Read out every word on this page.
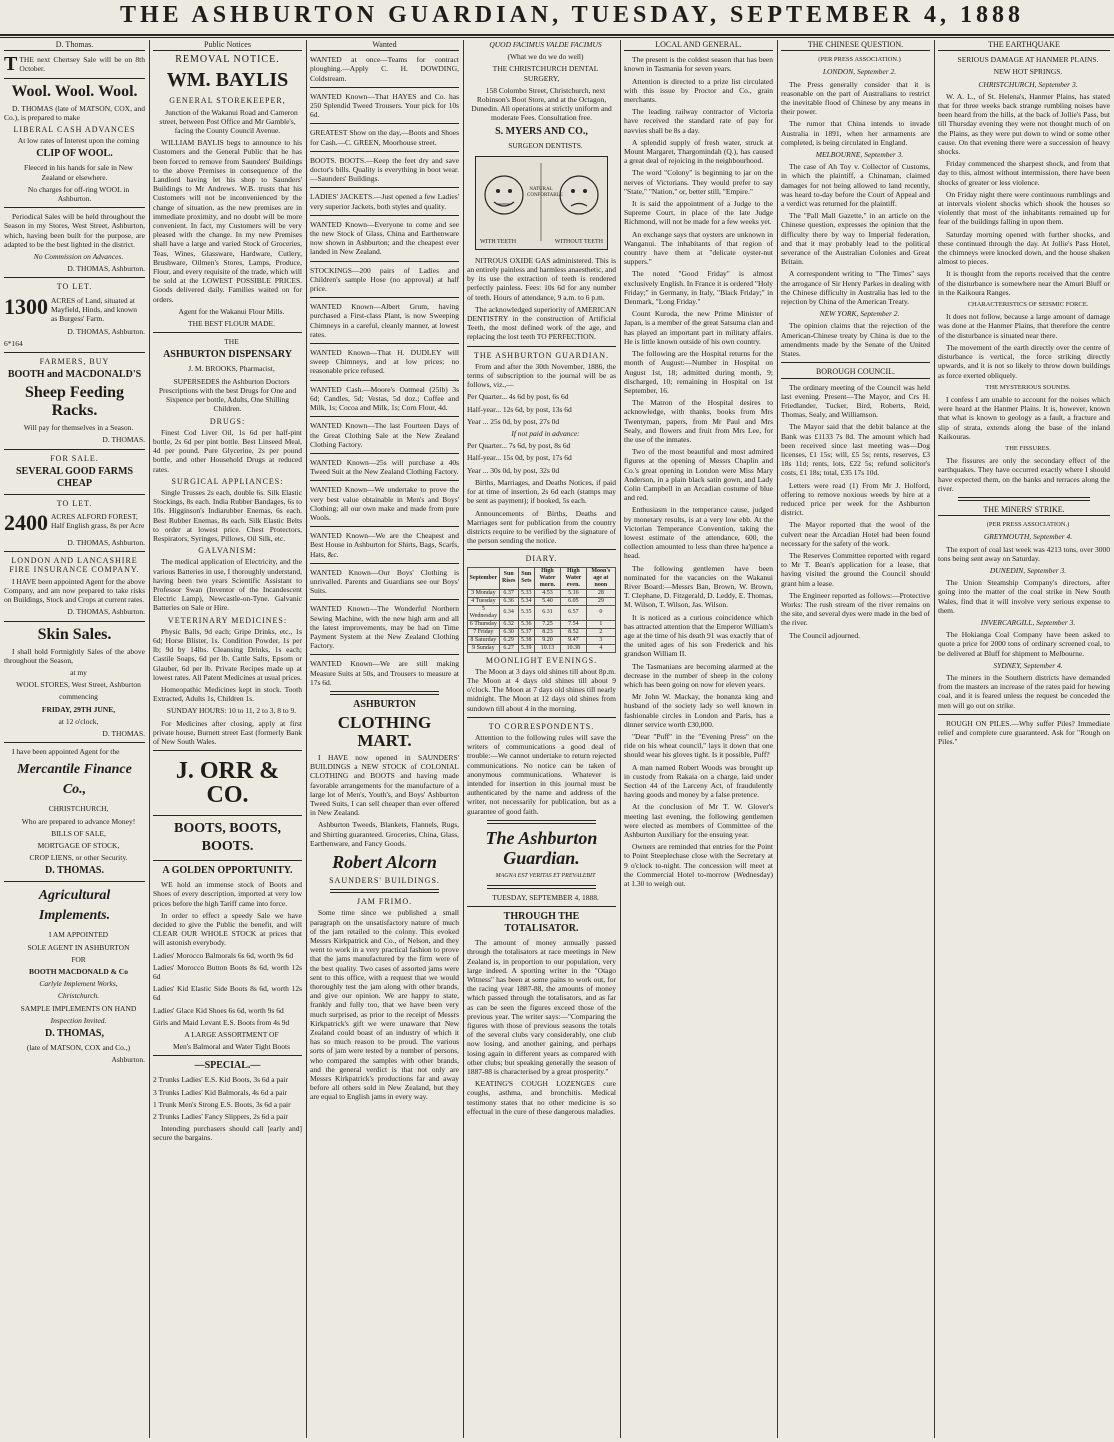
THE ASHBURTON GUARDIAN, TUESDAY, SEPTEMBER 4, 1888
D. Thomas.

TTHE next Chertsey Sale will be on 8th October.

Wool. Wool. Wool.

D. THOMAS (late of MATSON, COX, and Co.), is prepared to make

LIBERAL CASH ADVANCES

At low rates of Interest upon the coming

CLIP OF WOOL.

Fleeced in his hands for sale in New Zealand or elsewhere.

No charges for off-ring WOOL in Ashburton.

Periodical Sales will be held throughout the Season in my Stores, West Street, Ashburton, which, having been built for the purpose, are adapted to be the best lighted in the district.

No Commission on Advances.

D. THOMAS, Ashburton.

TO LET.
1300 ACRES of Land, situated at Mayfield, Hinds, and known as Burgess' Farm.

D. THOMAS, Ashburton.

6*164

FARMERS, BUY
BOOTH and MACDONALD'S
Sheep Feeding Racks.

Will pay for themselves in a Season.

D. THOMAS.

FOR SALE.
SEVERAL GOOD FARMS CHEAP
TO LET.
2400 ACRES ALFORD FOREST, Half English grass, 8s per Acre

D. THOMAS, Ashburton.

LONDON AND LANCASHIRE FIRE INSURANCE COMPANY.

I HAVE been appointed Agent for the above Company, and am now prepared to take risks on Buildings, Stock and Crops at current rates.

D. THOMAS, Ashburton.

Skin Sales.

I shall hold Fortnightly Sales of the above throughout the Season,

at my

WOOL STORES, West Street, Ashburton

commencing

FRIDAY, 29TH JUNE,

at 12 o'clock,

D. THOMAS.

I have been appointed Agent for the

Mercantile Finance Co.,

CHRISTCHURCH,

Who are prepared to advance Money!

BILLS OF SALE,

MORTGAGE OF STOCK,

CROP LIENS, or other Security.

D. THOMAS.
Agricultural Implements.

I AM APPOINTED

SOLE AGENT IN ASHBURTON

FOR

BOOTH MACDONALD & Co

Carlyle Implement Works,

Christchurch.

SAMPLE IMPLEMENTS ON HAND

Inspection Invited.

D. THOMAS,

(late of MATSON, COX and Co.,)

Ashburton.

Public Notices
REMOVAL NOTICE.
WM. BAYLIS
GENERAL STOREKEEPER,

Junction of the Wakanui Road and Cameron street, between Post Office and Mr Gamble's, facing the County Council Avenue.

WILLIAM BAYLIS begs to announce to his Customers and the General Public that he has been forced to remove from Saunders' Buildings to the above Premises in consequence of the Landlord having let his shop to Saunders' Buildings to Mr Andrews. W.B. trusts that his Customers will not be inconvenienced by the change of situation, as the new premises are in immediate proximity, and no doubt will be more convenient. In fact, my Customers will be very pleased with the change. In my new Premises shall have a large and varied Stock of Groceries, Teas, Wines, Glassware, Hardware, Cutlery, Brushware, Oilmen's Stores, Lamps, Produce, Flour, and every requisite of the trade, which will be sold at the LOWEST POSSIBLE PRICES. Goods delivered daily. Families waited on for orders.

Agent for the Wakanui Flour Mills.

THE BEST FLOUR MADE.

THE

ASHBURTON DISPENSARY

J. M. BROOKS, Pharmacist,

SUPERSEDES the Ashburton Doctors Prescriptions with the best Drugs for One and Sixpence per bottle, Adults, One Shilling Children.

DRUGS:

Finest Cod Liver Oil, 1s 6d per half-pint bottle, 2s 6d per pint bottle. Best Linseed Meal, 4d per pound. Pure Glycerine, 2s per pound bottle, and other Household Drugs at reduced rates.

SURGICAL APPLIANCES:

Single Trusses 2s each, double 6s. Silk Elastic Stockings, 8s each. India Rubber Bandages, 6s to 10s. Higginson's Indiarubber Enemas, 6s each. Best Rubber Enemas, 8s each. Silk Elastic Belts to order at lowest price. Chest Protectors, Respirators, Syringes, Pillows, Oil Silk, etc.

GALVANISM:

The medical application of Electricity, and the various Batteries in use, I thoroughly understand, having been two years Scientific Assistant to Professor Swan (Inventor of the Incandescent Electric Lamp), Newcastle-on-Tyne. Galvanic Batteries on Sale or Hire.

VETERINARY MEDICINES:

Physic Balls, 9d each; Gripe Drinks, etc., 1s 6d; Horse Blister, 1s. Condition Powder, 1s per lb; 9d by 14lbs. Cleansing Drinks, 1s each; Castile Soaps, 6d per lb. Cattle Salts, Epsom or Glauber, 6d per lb. Private Recipes made up at lowest rates. All Patent Medicines at usual prices.

Homeopathic Medicines kept in stock. Tooth Extracted, Adults 1s, Children 1s.

SUNDAY HOURS: 10 to 11, 2 to 3, 8 to 9.

For Medicines after closing, apply at first private house, Burnett street East (formerly Bank of New South Wales.

J. ORR & CO.
BOOTS, BOOTS, BOOTS.
A GOLDEN OPPORTUNITY.

WE hold an immense stock of Boots and Shoes of every description, imported at very low prices before the high Tariff came into force.

In order to effect a speedy Sale we have decided to give the Public the benefit, and will CLEAR OUR WHOLE STOCK at prices that will astonish everybody.

Ladies' Morocco Balmorals 6s 6d, worth 9s 6d

Ladies' Morocco Button Boots 8s 6d, worth 12s 6d

Ladies' Kid Elastic Side Boots 8s 6d, worth 12s 6d

Ladies' Glace Kid Shoes 6s 6d, worth 9s 6d

Girls and Maid Levant E.S. Boots from 4s 9d

A LARGE ASSORTMENT OF

Men's Balmoral and Water Tight Boots

—SPECIAL.—

2 Trunks Ladies' E.S. Kid Boots, 3s 6d a pair

3 Trunks Ladies' Kid Balmorals, 4s 6d a pair

1 Trunk Men's Strong E.S. Boots, 3s 6d a pair

2 Trunks Ladies' Fancy Slippers, 2s 6d a pair

Intending purchasers should call [early and] secure the bargains.

Wanted

WANTED at once—Teams for contract ploughing.—Apply C. H. DOWDING, Coldstream.

WANTED Known—That HAYES and Co. has 250 Splendid Tweed Trousers. Your pick for 10s 6d.

GREATEST Show on the day,—Boots and Shoes for Cash.—C. GREEN, Moorhouse street.

BOOTS. BOOTS.—Keep the feet dry and save doctor's bills. Quality is everything in boot wear.—Saunders' Buildings.

LADIES' JACKETS.—Just opened a few Ladies' very superior Jackets, both styles and quality.

WANTED Known—Everyone to come and see the new Stock of Glass, China and Earthenware now shown in Ashburton; and the cheapest ever landed in New Zealand.

STOCKINGS—200 pairs of Ladies and Children's sample Hose (no approval) at half price.

WANTED Known—Albert Grum, having purchased a First-class Plant, is now Sweeping Chimneys in a careful, cleanly manner, at lowest rates.

WANTED Known—That H. DUDLEY will sweep Chimneys, and at low prices; no reasonable price refused.

WANTED Cash.—Moore's Oatmeal (25lb) 3s 6d; Candles, 5d; Vestas, 5d doz.; Coffee and Milk, 1s; Cocoa and Milk, 1s; Corn Flour, 4d.

WANTED Known—The last Fourteen Days of the Great Clothing Sale at the New Zealand Clothing Factory.

WANTED Known—25s will purchase a 40s Tweed Suit at the New Zealand Clothing Factory.

WANTED Known—We undertake to prove the very best value obtainable in Men's and Boys' Clothing; all our own make and made from pure Wools.

WANTED Known—We are the Cheapest and Best House in Ashburton for Shirts, Bags, Scarfs, Hats, &c.

WANTED Known—Our Boys' Clothing is unrivalled. Parents and Guardians see our Boys' Suits.

WANTED Known—The Wonderful Northern Sewing Machine, with the new high arm and all the latest improvements, may be had on Time Payment System at the New Zealand Clothing Factory.

WANTED Known—We are still making Measure Suits at 50s, and Trousers to measure at 17s 6d.

ASHBURTON
CLOTHING MART.

I HAVE now opened in SAUNDERS' BUILDINGS a NEW STOCK of COLONIAL CLOTHING and BOOTS and having made favorable arrangements for the manufacture of a large lot of Men's, Youth's, and Boys' Ashburton Tweed Suits, I can sell cheaper than ever offered in New Zealand.

Ashburton Tweeds, Blankets, Flannels, Rugs, and Shirting guaranteed. Groceries, China, Glass, Earthenware, and Fancy Goods.

Robert Alcorn
SAUNDERS' BUILDINGS.
JAM FRIMO.

Some time since we published a small paragraph on the unsatisfactory nature of much of the jam retailed to the colony. This evoked Messrs Kirkpatrick and Co., of Nelson, and they went to work in a very practical fashion to prove that the jams manufactured by the firm were of the best quality. Two cases of assorted jams were sent to this office, with a request that we would thoroughly test the jam along with other brands, and give our opinion. We are happy to state, frankly and fully too, that we have been very much surprised, as prior to the receipt of Messrs Kirkpatrick's gift we were unaware that New Zealand could boast of an industry of which it has so much reason to be proud. The various sorts of jam were tested by a number of persons, who compared the samples with other brands, and the general verdict is that not only are Messrs Kirkpatrick's productions far and away before all others sold in New Zealand, but they are equal to English jams in every way.

QUOD FACIMUS VALDE FACIMUS

(What we do we do well)

THE CHRISTCHURCH DENTAL SURGERY,

158 Colombo Street, Christchurch, next Robinson's Boot Store, and at the Octagon, Dunedin. All operations at strictly uniform and moderate Fees. Consultation free.

S. MYERS AND CO.,

SURGEON DENTISTS.

WITH TEETH	WITHOUT TEETH
NATURAL CONFORTABLE

NITROUS OXIDE GAS administered. This is an entirely painless and harmless anaesthetic, and by its use the extraction of teeth is rendered perfectly painless. Fees: 10s 6d for any number of teeth. Hours of attendance, 9 a.m. to 6 p.m.

The acknowledged superiority of AMERICAN DENTISTRY in the construction of Artificial Teeth, the most defined work of the age, and replacing the lost teeth TO PERFECTION.

THE ASHBURTON GUARDIAN.

From and after the 30th November, 1886, the terms of subscription to the journal will be as follows, viz.,—

Per Quarter... 4s 6d by post, 6s 6d

Half-year... 12s 6d, by post, 13s 6d

Year ... 25s 0d, by post, 27s 0d

If not paid in advance:

Per Quarter... 7s 6d, by post, 8s 6d

Half-year... 15s 0d, by post, 17s 6d

Year ... 30s 0d, by post, 32s 0d

Births, Marriages, and Deaths Notices, if paid for at time of insertion, 2s 6d each (stamps may be sent as payment); if booked, 5s each.

Announcements of Births, Deaths and Marriages sent for publication from the country districts require to be verified by the signature of the person sending the notice.

DIARY.
September	Sun Rises	Sun Sets	High Water morn.	High Water even.	Moon's age at noon
3 Monday	6.37	5.33	4.53	5.16	28
4 Tuesday	6.36	5.34	5.40	6.05	29
5 Wednesday	6.34	5.35	6.31	6.57	0
6 Thursday	6.32	5.36	7.25	7.54	1
7 Friday	6.30	5.37	8.23	8.52	2
8 Saturday	6.29	5.38	9.20	9.47	3
9 Sunday	6.27	5.39	10.13	10.38	4
MOONLIGHT EVENINGS.

The Moon at 3 days old shines till about 8p.m. The Moon at 4 days old shines till about 9 o'clock. The Moon at 7 days old shines till nearly midnight. The Moon at 12 days old shines from sundown till about 4 in the morning.

TO CORRESPONDENTS.

Attention to the following rules will save the writers of communications a good deal of trouble:—We cannot undertake to return rejected communications. No notice can be taken of anonymous communications. Whatever is intended for insertion in this journal must be authenticated by the name and address of the writer, not necessarily for publication, but as a guarantee of good faith.

The Ashburton Guardian.

MAGNA EST VERITAS ET PREVALEBIT

TUESDAY, SEPTEMBER 4, 1888.

THROUGH THE TOTALISATOR.

The amount of money annually passed through the totalisators at race meetings in New Zealand is, in proportion to our population, very large indeed. A sporting writer in the "Otago Witness" has been at some pains to work out, for the racing year 1887-88, the amounts of money which passed through the totalisators, and as far as can be seen the figures exceed those of the previous year. The writer says:—"Comparing the figures with those of previous seasons the totals of the several clubs vary considerably, one club now losing, and another gaining, and perhaps losing again in different years as compared with other clubs; but speaking generally the season of 1887-88 is characterised by a great prosperity."

KEATING'S COUGH LOZENGES cure coughs, asthma, and bronchitis. Medical testimony states that no other medicine is so effectual in the cure of these dangerous maladies.

LOCAL AND GENERAL.

The present is the coldest season that has been known in Tasmania for seven years.

Attention is directed to a prize list circulated with this issue by Proctor and Co., grain merchants.

The leading railway contractor of Victoria have received the standard rate of pay for navvies shall be 8s a day.

A splendid supply of fresh water, struck at Mount Margaret, Thargomindah (Q.), has caused a great deal of rejoicing in the neighbourhood.

The word "Colony" is beginning to jar on the nerves of Victorians. They would prefer to say "State," "Nation," or, better still, "Empire."

It is said the appointment of a Judge to the Supreme Court, in place of the late Judge Richmond, will not be made for a few weeks yet.

An exchange says that oysters are unknown in Wanganui. The inhabitants of that region of country have them at "delicate oyster-nut suppers."

The noted "Good Friday" is almost exclusively English. In France it is ordered "Holy Friday;" in Germany, in Italy, "Black Friday;" in Denmark, "Long Friday."

Count Kuroda, the new Prime Minister of Japan, is a member of the great Satsuma clan and has played an important part in military affairs. He is little known outside of his own country.

The following are the Hospital returns for the month of August:—Number in Hospital on August 1st, 18; admitted during month, 9; discharged, 10; remaining in Hospital on 1st September, 16.

The Matron of the Hospital desires to acknowledge, with thanks, books from Mrs Twentyman, papers, from Mr Paul and Mrs Sealy, and flowers and fruit from Mrs Lee, for the use of the inmates.

Two of the most beautiful and most admired figures at the opening of Messrs Chaplin and Co.'s great opening in London were Miss Mary Anderson, in a plain black satin gown, and Lady Colin Campbell in an Arcadian costume of blue and red.

Enthusiasm in the temperance cause, judged by monetary results, is at a very low ebb. At the Victorian Temperance Convention, taking the lowest estimate of the attendance, 600, the collection amounted to less than three ha'pence a head.

The following gentlemen have been nominated for the vacancies on the Wakanui River Board:—Messrs Ban, Brown, W. Brown, T. Clephane, D. Fitzgerald, D. Leddy, E. Thomas, M. Wilson, T. Wilson, Jas. Wilson.

It is noticed as a curious coincidence which has attracted attention that the Emperor William's age at the time of his death 91 was exactly that of the united ages of his son Frederick and his grandson William II.

The Tasmanians are becoming alarmed at the decrease in the number of sheep in the colony which has been going on now for eleven years.

Mr John W. Mackay, the bonanza king and husband of the society lady so well known in fashionable circles in London and Paris, has a dinner service worth £30,000.

"Dear "Puff" in the "Evening Press" on the ride on his wheat council," lays it down that one should wear his gloves tight. Is it possible, Puff?

A man named Robert Woods was brought up in custody from Rakaia on a charge, laid under Section 44 of the Larceny Act, of fraudulently having goods and money by a false pretence.

At the conclusion of Mr T. W. Glover's meeting last evening, the following gentlemen were elected as members of Committee of the Ashburton Auxiliary for the ensuing year.

Owners are reminded that entries for the Point to Point Steeplechase close with the Secretary at 9 o'clock to-night. The concession will meet at the Commercial Hotel to-morrow (Wednesday) at 1.30 to weigh out.

THE CHINESE QUESTION.

(PER PRESS ASSOCIATION.)

LONDON, September 2.

The Press generally consider that it is reasonable on the part of Australians to restrict the inevitable flood of Chinese by any means in their power.

The rumor that China intends to invade Australia in 1891, when her armaments are completed, is being circulated in England.

MELBOURNE, September 3.

The case of Ah Toy v. Collector of Customs, in which the plaintiff, a Chinaman, claimed damages for not being allowed to land recently, was heard to-day before the Court of Appeal and a verdict was returned for the plaintiff.

The "Pall Mall Gazette," in an article on the Chinese question, expresses the opinion that the difficulty there by way to Imperial federation, and that it may probably lead to the political severance of the Australian Colonies and Great Britain.

A correspondent writing to "The Times" says the arrogance of Sir Henry Parkes in dealing with the Chinese difficulty in Australia has led to the rejection by China of the American Treaty.

NEW YORK, September 2.

The opinion claims that the rejection of the American-Chinese treaty by China is due to the amendments made by the Senate of the United States.

BOROUGH COUNCIL.

The ordinary meeting of the Council was held last evening. Present—The Mayor, and Crs H. Friedlander, Tucker, Bird, Roberts, Reid, Thomas, Sealy, and Williamson.

The Mayor said that the debit balance at the Bank was £1133 7s 8d. The amount which had been received since last meeting was—Dog licenses, £1 15s; will, £5 5s; rents, reserves, £3 18s 11d; rents, lots, £22 5s; refund solicitor's costs, £1 18s; total, £35 17s 10d.

Letters were read (1) From Mr J. Holford, offering to remove noxious weeds by hire at a reduced price per week for the Ashburton district.

The Mayor reported that the wool of the culvert near the Arcadian Hotel had been found necessary for the safety of the work.

The Reserves Committee reported with regard to Mr T. Bean's application for a lease, that having visited the ground the Council should grant him a lease.

The Engineer reported as follows:—Protective Works: The rush stream of the river remains on the site, and several dyes were made in the bed of the river.

The Council adjourned.

THE EARTHQUAKE

SERIOUS DAMAGE AT HANMER PLAINS.

NEW HOT SPRINGS.

CHRISTCHURCH, September 3.

W. A. L., of St. Helena's, Hanmer Plains, has stated that for three weeks back strange rumbling noises have been heard from the hills, at the back of Jollie's Pass, but till Thursday evening they were not thought much of on the Plains, as they were put down to wind or some other cause. On that evening there were a succession of heavy shocks.

Friday commenced the sharpest shock, and from that day to this, almost without intermission, there have been shocks of greater or less violence.

On Friday night there were continuous rumblings and at intervals violent shocks which shook the houses so violently that most of the inhabitants remained up for fear of the buildings falling in upon them.

Saturday morning opened with further shocks, and these continued through the day. At Jollie's Pass Hotel, the chimneys were knocked down, and the house shaken almost to pieces.

It is thought from the reports received that the centre of the disturbance is somewhere near the Amuri Bluff or in the Kaikoura Ranges.

CHARACTERISTICS OF SEISMIC FORCE.

It does not follow, because a large amount of damage was done at the Hanmer Plains, that therefore the centre of the disturbance is situated near there.

The movement of the earth directly over the centre of disturbance is vertical, the force striking directly upwards, and it is not so likely to throw down buildings as force exerted obliquely.

THE MYSTERIOUS SOUNDS.

I confess I am unable to account for the noises which were heard at the Hanmer Plains. It is, however, known that what is known to geology as a fault, a fracture and slip of strata, extends along the base of the inland Kaikouras.

THE FISSURES.

The fissures are only the secondary effect of the earthquakes. They have occurred exactly where I should have expected them, on the banks and terraces along the river.

THE MINERS' STRIKE.

(PER PRESS ASSOCIATION.)

GREYMOUTH, September 4.

The export of coal last week was 4213 tons, over 3000 tons being sent away on Saturday.

DUNEDIN, September 3.

The Union Steamship Company's directors, after going into the matter of the coal strike in New South Wales, find that it will involve very serious expense to them.

INVERCARGILL, September 3.

The Hokianga Coal Company have been asked to quote a price for 2000 tons of ordinary screened coal, to be delivered at Bluff for shipment to Melbourne.

SYDNEY, September 4.

The miners in the Southern districts have demanded from the masters an increase of the rates paid for hewing coal, and it is feared unless the request be conceded the men will go out on strike.

ROUGH ON PILES.—Why suffer Piles? Immediate relief and complete cure guaranteed. Ask for "Rough on Piles."
